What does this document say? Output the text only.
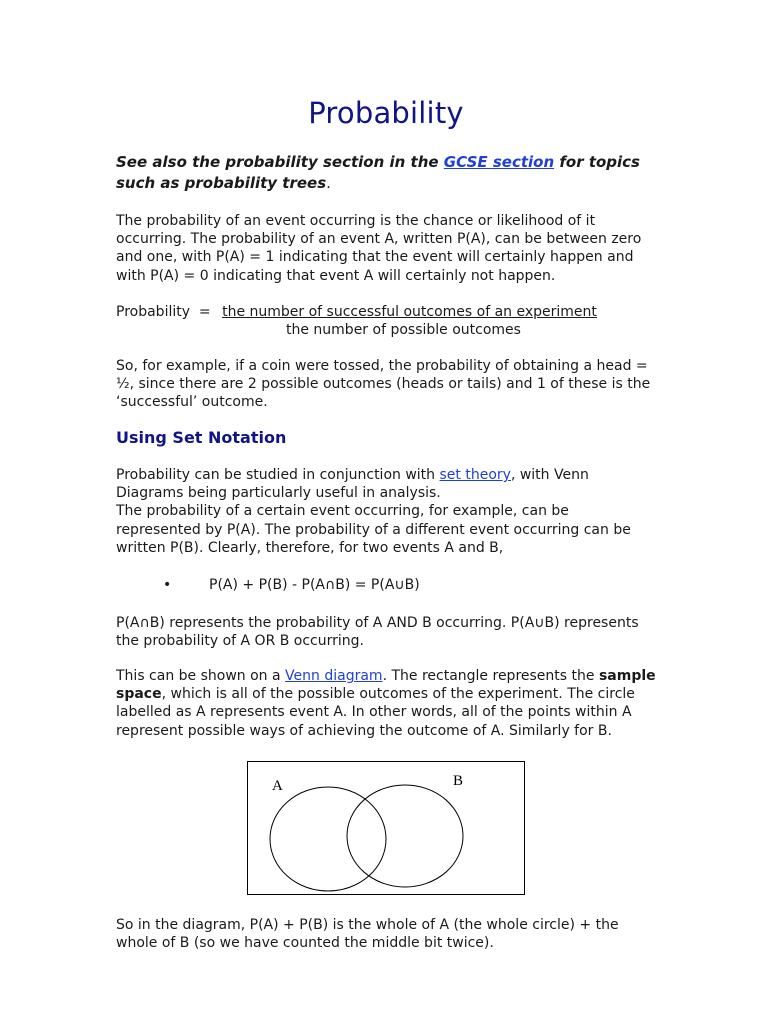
Probability

See also the probability section in the GCSE section for topics such as probability trees.

The probability of an event occurring is the chance or likelihood of it occurring. The probability of an event A, written P(A), can be between zero and one, with P(A) = 1 indicating that the event will certainly happen and with P(A) = 0 indicating that event A will certainly not happen.

Probability  = the number of successful outcomes of an experiment
the number of possible outcomes

So, for example, if a coin were tossed, the probability of obtaining a head = ½, since there are 2 possible outcomes (heads or tails) and 1 of these is the ‘successful’ outcome.

Using Set Notation
Probability can be studied in conjunction with set theory, with Venn Diagrams being particularly useful in analysis.
The probability of a certain event occurring, for example, can be represented by P(A). The probability of a different event occurring can be written P(B). Clearly, therefore, for two events A and B,
•	P(A) + P(B) - P(A∩B) = P(A∪B)

P(A∩B) represents the probability of A AND B occurring. P(A∪B) represents the probability of A OR B occurring.

This can be shown on a Venn diagram. The rectangle represents the sample space, which is all of the possible outcomes of the experiment. The circle labelled as A represents event A. In other words, all of the points within A represent possible ways of achieving the outcome of A. Similarly for B.

A	B

So in the diagram, P(A) + P(B) is the whole of A (the whole circle) + the whole of B (so we have counted the middle bit twice).
